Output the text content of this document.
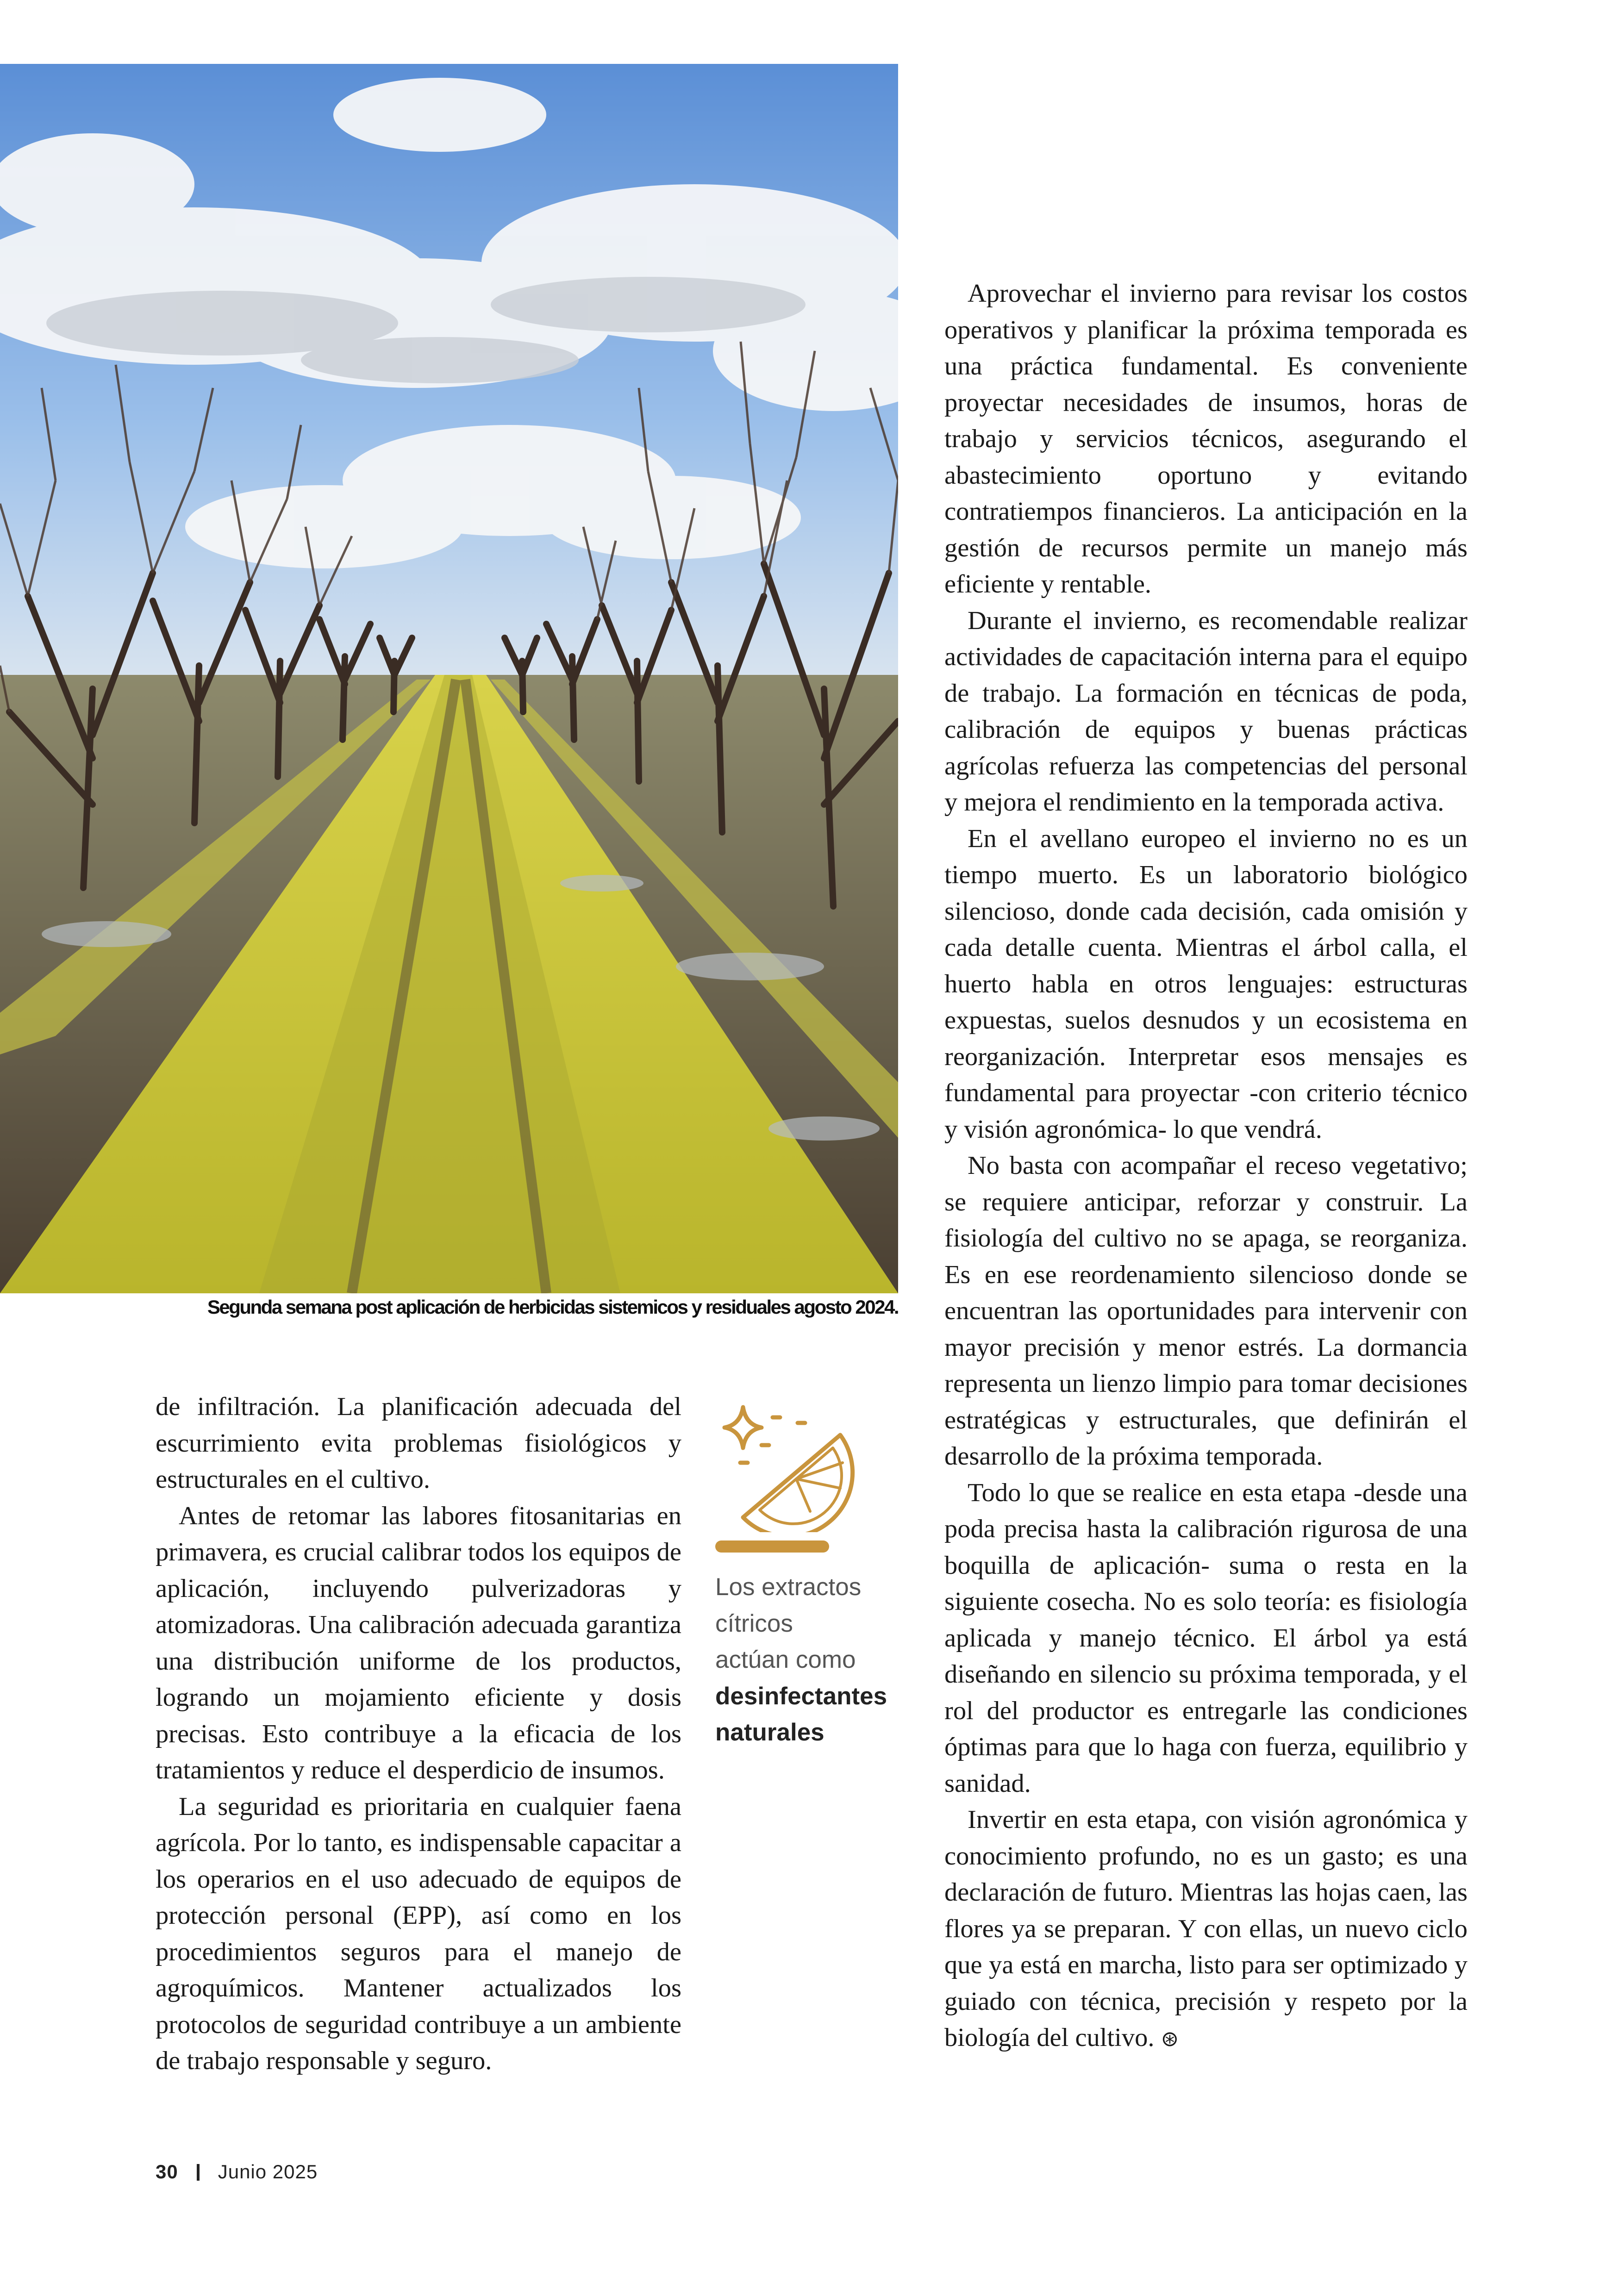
Segunda semana post aplicación de herbicidas sistemicos y residuales agosto 2024.

de infiltración. La planificación adecuada del escurrimiento evita problemas fisiológicos y estructurales en el cultivo.

Antes de retomar las labores fitosanitarias en primavera, es crucial calibrar todos los equipos de aplicación, incluyendo pulverizadoras y atomizadoras. Una calibración adecuada garantiza una distribución uniforme de los productos, logrando un mojamiento eficiente y dosis precisas. Esto contribuye a la eficacia de los tratamientos y reduce el desperdicio de insumos.

La seguridad es prioritaria en cualquier faena agrícola. Por lo tanto, es indispensable capacitar a los operarios en el uso adecuado de equipos de protección personal (EPP), así como en los procedimientos seguros para el manejo de agroquímicos. Mantener actualizados los protocolos de seguridad contribuye a un ambiente de trabajo responsable y seguro.

Los extractos
cítricos
actúan como
desinfectantes
naturales

Aprovechar el invierno para revisar los costos operativos y planificar la próxima temporada es una práctica fundamental. Es conveniente proyectar necesidades de insumos, horas de trabajo y servicios técnicos, asegurando el abastecimiento oportuno y evitando contratiempos financieros. La anticipación en la gestión de recursos permite un manejo más eficiente y rentable.

Durante el invierno, es recomendable realizar actividades de capacitación interna para el equipo de trabajo. La formación en técnicas de poda, calibración de equipos y buenas prácticas agrícolas refuerza las competencias del personal y mejora el rendimiento en la temporada activa.

En el avellano europeo el invierno no es un tiempo muerto. Es un laboratorio biológico silencioso, donde cada decisión, cada omisión y cada detalle cuenta. Mientras el árbol calla, el huerto habla en otros lenguajes: estructuras expuestas, suelos desnudos y un ecosistema en reorganización. Interpretar esos mensajes es fundamental para proyectar -con criterio técnico y visión agronómica- lo que vendrá.

No basta con acompañar el receso vegetativo; se requiere anticipar, reforzar y construir. La fisiología del cultivo no se apaga, se reorganiza. Es en ese reordenamiento silencioso donde se encuentran las oportunidades para intervenir con mayor precisión y menor estrés. La dormancia representa un lienzo limpio para tomar decisiones estratégicas y estructurales, que definirán el desarrollo de la próxima temporada.

Todo lo que se realice en esta etapa -desde una poda precisa hasta la calibración rigurosa de una boquilla de aplicación- suma o resta en la siguiente cosecha. No es solo teoría: es fisiología aplicada y manejo técnico. El árbol ya está diseñando en silencio su próxima temporada, y el rol del productor es entregarle las condiciones óptimas para que lo haga con fuerza, equilibrio y sanidad.

Invertir en esta etapa, con visión agronómica y conocimiento profundo, no es un gasto; es una declaración de futuro. Mientras las hojas caen, las flores ya se preparan. Y con ellas, un nuevo ciclo que ya está en marcha, listo para ser optimizado y guiado con técnica, precisión y respeto por la biología del cultivo. ⊛

30 Junio 2025
